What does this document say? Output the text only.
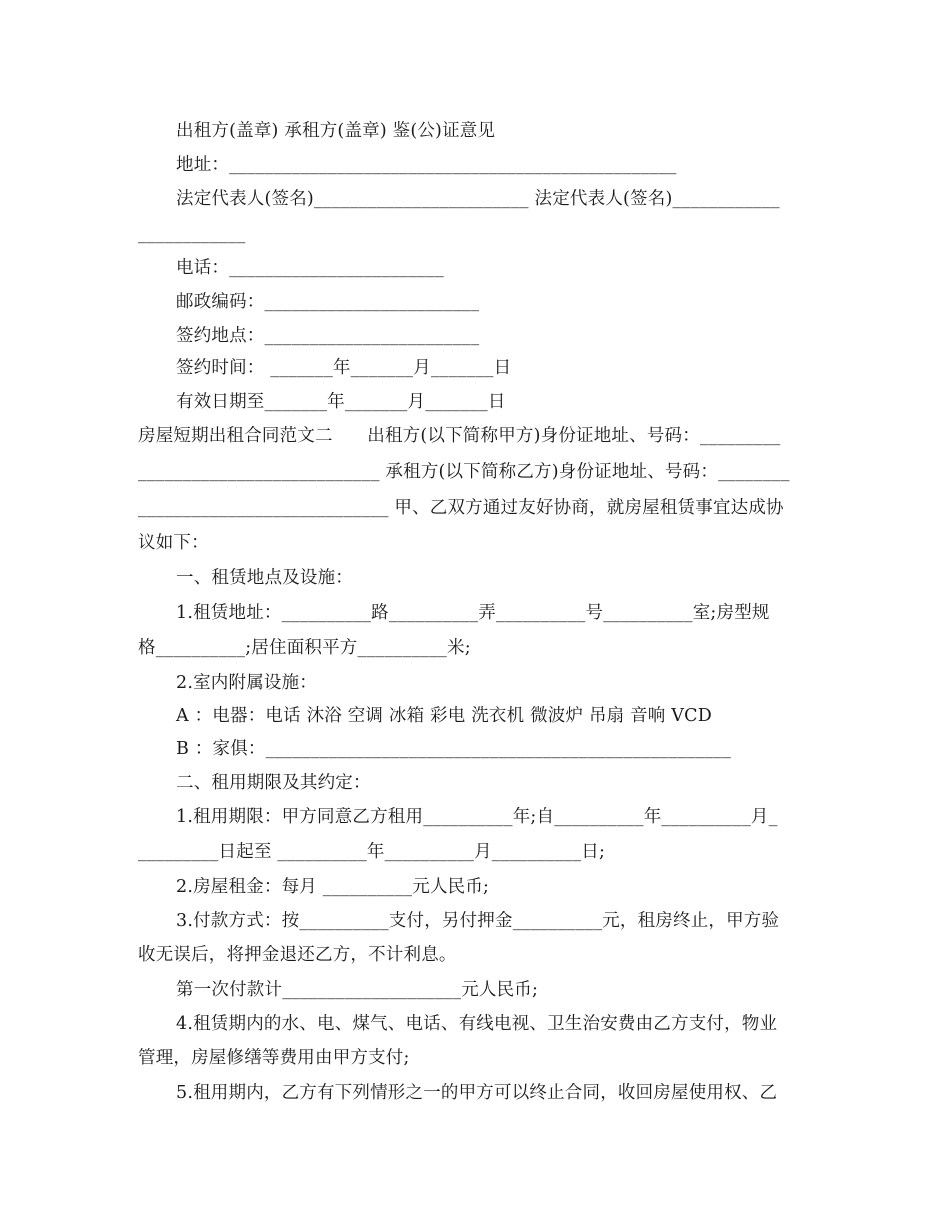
出租方(盖章) 承租方(盖章) 鉴(公)证意见
地址：__________________________________________________
法定代表人(签名)________________________ 法定代表人(签名)____________
____________
电话：________________________
邮政编码：________________________
签约地点：________________________
签约时间： _______年_______月_______日
有效日期至_______年_______月_______日
房屋短期出租合同范文二      出租方(以下简称甲方)身份证地址、号码：_________
___________________________ 承租方(以下简称乙方)身份证地址、号码：________
____________________________ 甲、乙双方通过友好协商，就房屋租赁事宜达成协
议如下：
一、租赁地点及设施：
1.租赁地址：__________路__________弄__________号__________室;房型规
格__________;居住面积平方__________米;
2.室内附属设施：
A ：电器：电话 沐浴 空调 冰箱 彩电 洗衣机 微波炉 吊扇 音响 VCD
B ：家俱：____________________________________________________
二、租用期限及其约定：
1.租用期限：甲方同意乙方租用__________年;自__________年__________月_
_________日起至 __________年__________月__________日;
2.房屋租金：每月 __________元人民币;
3.付款方式：按__________支付，另付押金__________元，租房终止，甲方验
收无误后，将押金退还乙方，不计利息。
第一次付款计____________________元人民币;
4.租赁期内的水、电、煤气、电话、有线电视、卫生治安费由乙方支付，物业
管理，房屋修缮等费用由甲方支付;
5.租用期内，乙方有下列情形之一的甲方可以终止合同，收回房屋使用权、乙
